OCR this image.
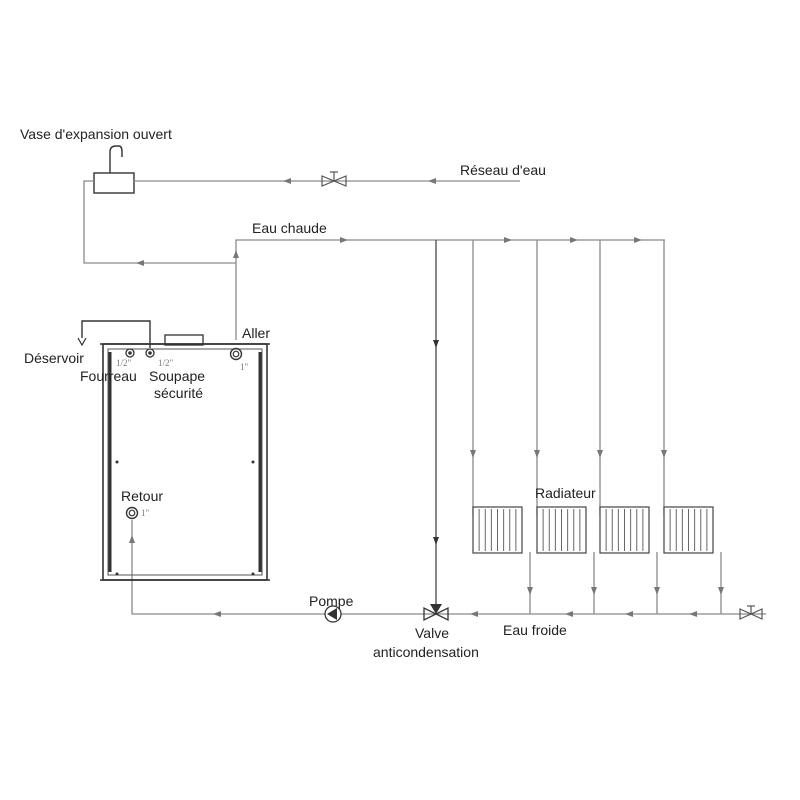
Vase d'expansion ouvert
Réseau d'eau
Eau chaude
Aller
Déservoir
Fourreau Soupape
sécurité
Retour	Radiateur
Pompe
Valve
anticondensation
Eau froide
1/2"	1/2"	1"
1"
